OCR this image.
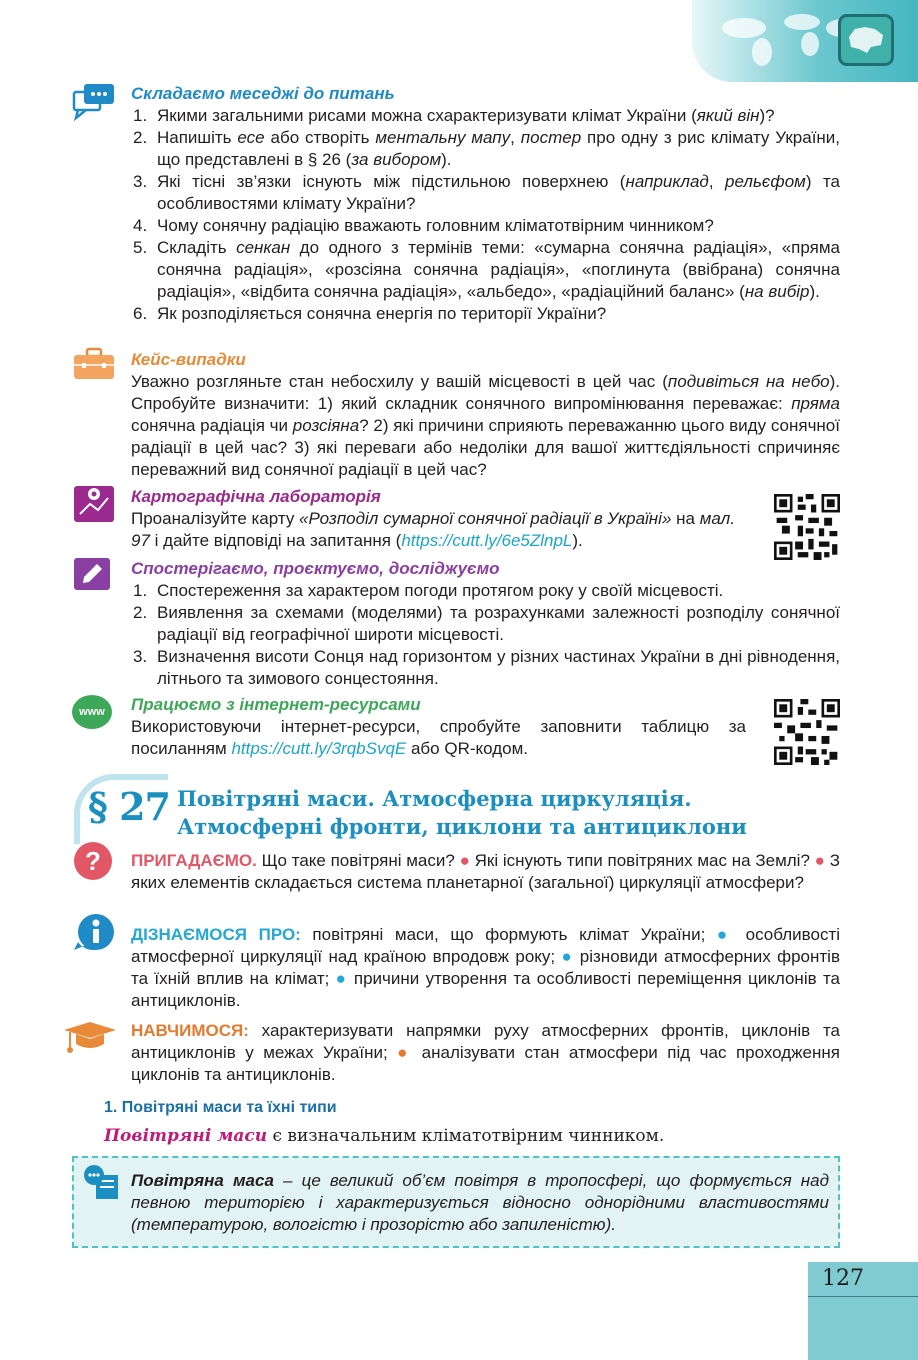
Складаємо меседжі до питань
1. Якими загальними рисами можна схарактеризувати клімат України (який він)?
2. Напишіть есе або створіть ментальну мапу, постер про одну з рис клімату України, що представлені в § 26 (за вибором).
3. Які тісні зв’язки існують між підстильною поверхнею (наприклад, рельєфом) та особливостями клімату України?
4. Чому сонячну радіацію вважають головним кліматотвірним чинником?
5. Складіть сенкан до одного з термінів теми: «сумарна сонячна радіація», «пряма сонячна радіація», «розсіяна сонячна радіація», «поглинута (ввібрана) сонячна радіація», «відбита сонячна радіація», «альбедо», «радіаційний баланс» (на вибір).
6. Як розподіляється сонячна енергія по території України?
Кейс-випадки
Уважно розгляньте стан небосхилу у вашій місцевості в цей час (подивіться на небо). Спробуйте визначити: 1) який складник сонячного випромінювання переважає: пряма сонячна радіація чи розсіяна? 2) які причини сприяють переважанню цього виду сонячної радіації в цей час? 3) які переваги або недоліки для вашої життєдіяльності спричиняє переважний вид сонячної радіації в цей час?
Картографічна лабораторія
Проаналізуйте карту «Розподіл сумарної сонячної радіації в Україні» на мал. 97 і дайте відповіді на запитання (https://cutt.ly/6e5ZlnpL).
Спостерігаємо, проєктуємо, досліджуємо
1. Спостереження за характером погоди протягом року у своїй місцевості.
2. Виявлення за схемами (моделями) та розрахунками залежності розподілу сонячної радіації від географічної широти місцевості.
3. Визначення висоти Сонця над горизонтом у різних частинах України в дні рівнодення, літнього та зимового сонцестояння.
www	Працюємо з інтернет-ресурсами
Використовуючи інтернет-ресурси, спробуйте заповнити таблицю за посиланням https://cutt.ly/3rqbSvqE або QR-кодом.
§ 27 Повітряні маси. Атмосферна циркуляція.
Атмосферні фронти, циклони та антициклони
?	ПРИГАДАЄМО. Що таке повітряні маси? ● Які існують типи повітряних мас на Землі? ● З яких елементів складається система планетарної (загальної) циркуляції атмосфери?
ДІЗНАЄМОСЯ ПРО: повітряні маси, що формують клімат України; ● особливості атмосферної циркуляції над країною впродовж року; ● різновиди атмосферних фронтів та їхній вплив на клімат; ● причини утворення та особливості переміщення циклонів та антициклонів.
НАВЧИМОСЯ: характеризувати напрямки руху атмосферних фронтів, циклонів та антициклонів у межах України; ● аналізувати стан атмосфери під час проходження циклонів та антициклонів.
1. Повітряні маси та їхні типи
Повітряні маси є визначальним кліматотвірним чинником.
Повітряна маса – це великий об’єм повітря в тропосфері, що формується над певною територією і характеризується відносно однорідними властивостями (температурою, вологістю і прозорістю або запиленістю).
127
